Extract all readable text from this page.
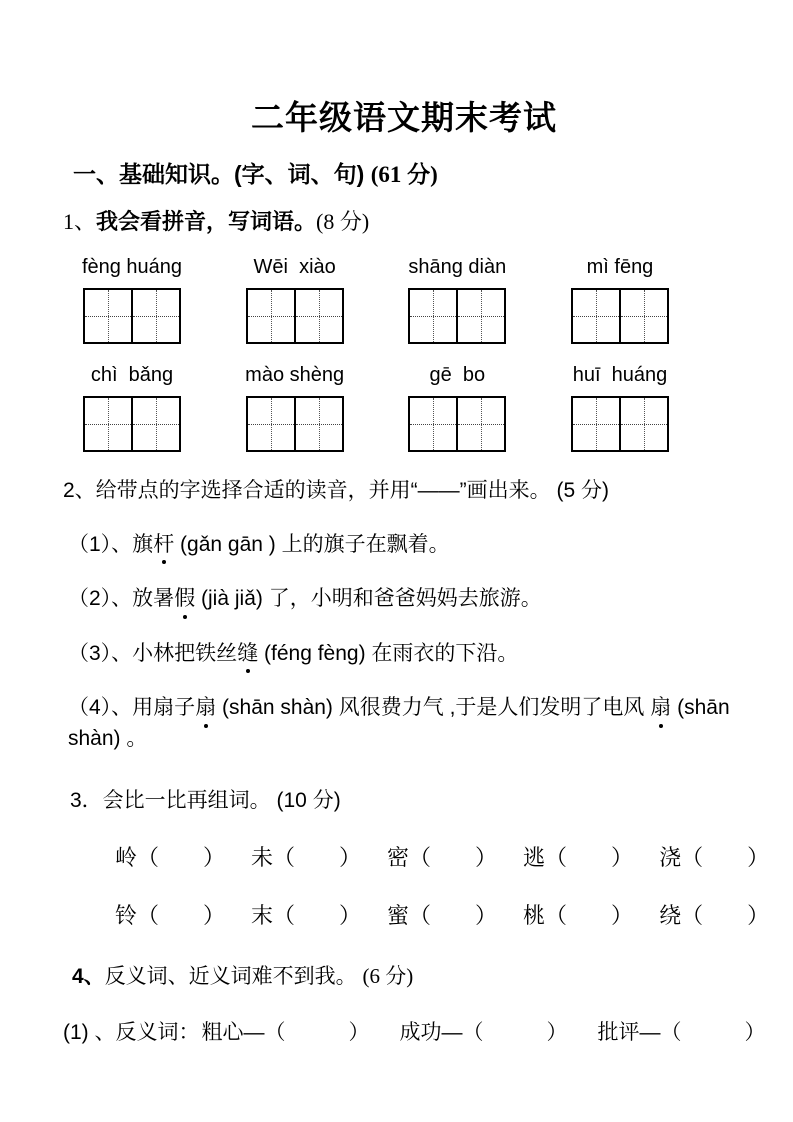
二年级语文期末考试
一、基础知识。(字、词、句) (61 分)
1、我会看拼音，写词语。(8 分)
fèng huáng	Wēi  xiào	shāng diàn	mì fēng
chì  bǎng	mào shèng	gē  bo	huī  huáng
2、给带点的字选择合适的读音，并用“——”画出来。 (5 分)

（1）、旗杆 (gǎn gān ) 上的旗子在飘着。

（2）、放暑假 (jià jiǎ) 了，小明和爸爸妈妈去旅游。

（3）、小林把铁丝缝 (féng fèng) 在雨衣的下沿。

（4）、用扇子扇 (shān shàn) 风很费力气 ,于是人们发明了电风 扇 (shān shàn) 。

3．会比一比再组词。 (10 分)
岭（　　） 未（　　） 密（　　） 逃（　　） 浇（　　）
铃（　　） 末（　　） 蜜（　　） 桃（　　） 绕（　　）
4、反义词、近义词难不到我。 (6 分)
(1) 、反义词： 粗心—（　　　） 成功—（　　　） 批评—（　　　）
